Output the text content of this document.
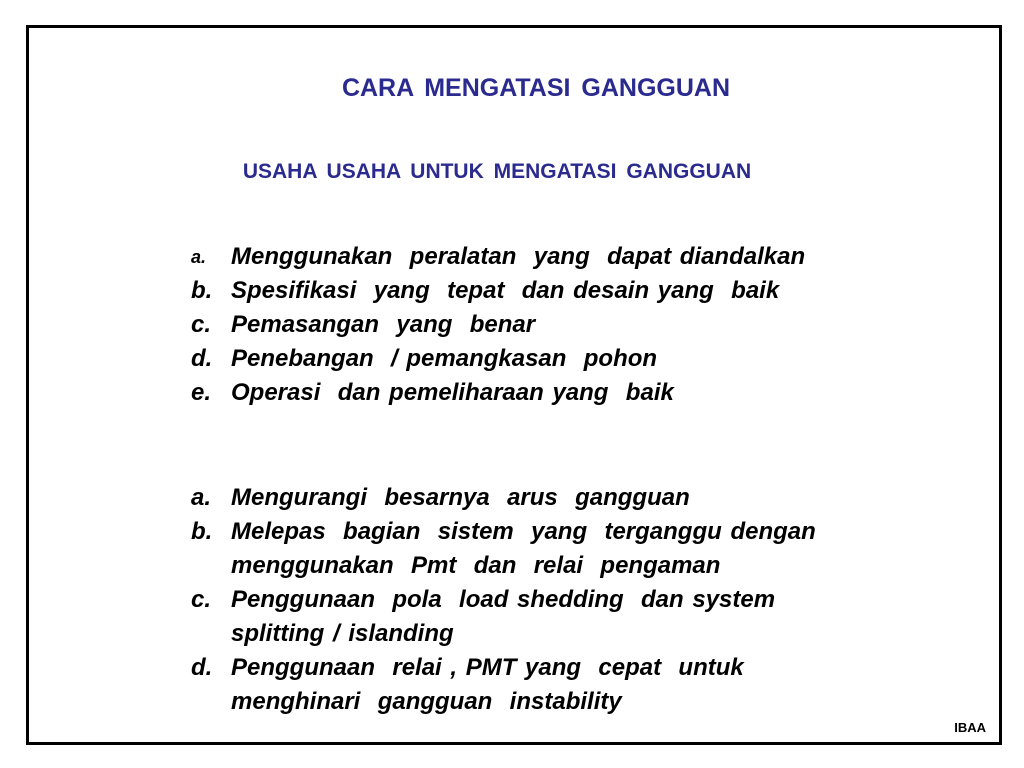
CARA MENGATASI GANGGUAN
USAHA USAHA UNTUK MENGATASI GANGGUAN
a.	Menggunakan  peralatan  yang  dapat diandalkan
b. Spesifikasi  yang  tepat  dan desain yang  baik
c. Pemasangan  yang  benar
d. Penebangan  / pemangkasan  pohon
e. Operasi  dan pemeliharaan yang  baik
a. Mengurangi  besarnya  arus  gangguan
b. Melepas  bagian  sistem  yang  terganggu dengan
menggunakan  Pmt  dan  relai  pengaman
c. Penggunaan  pola  load shedding  dan system
splitting / islanding
d. Penggunaan  relai , PMT yang  cepat  untuk
menghinari  gangguan  instability
IBAA
